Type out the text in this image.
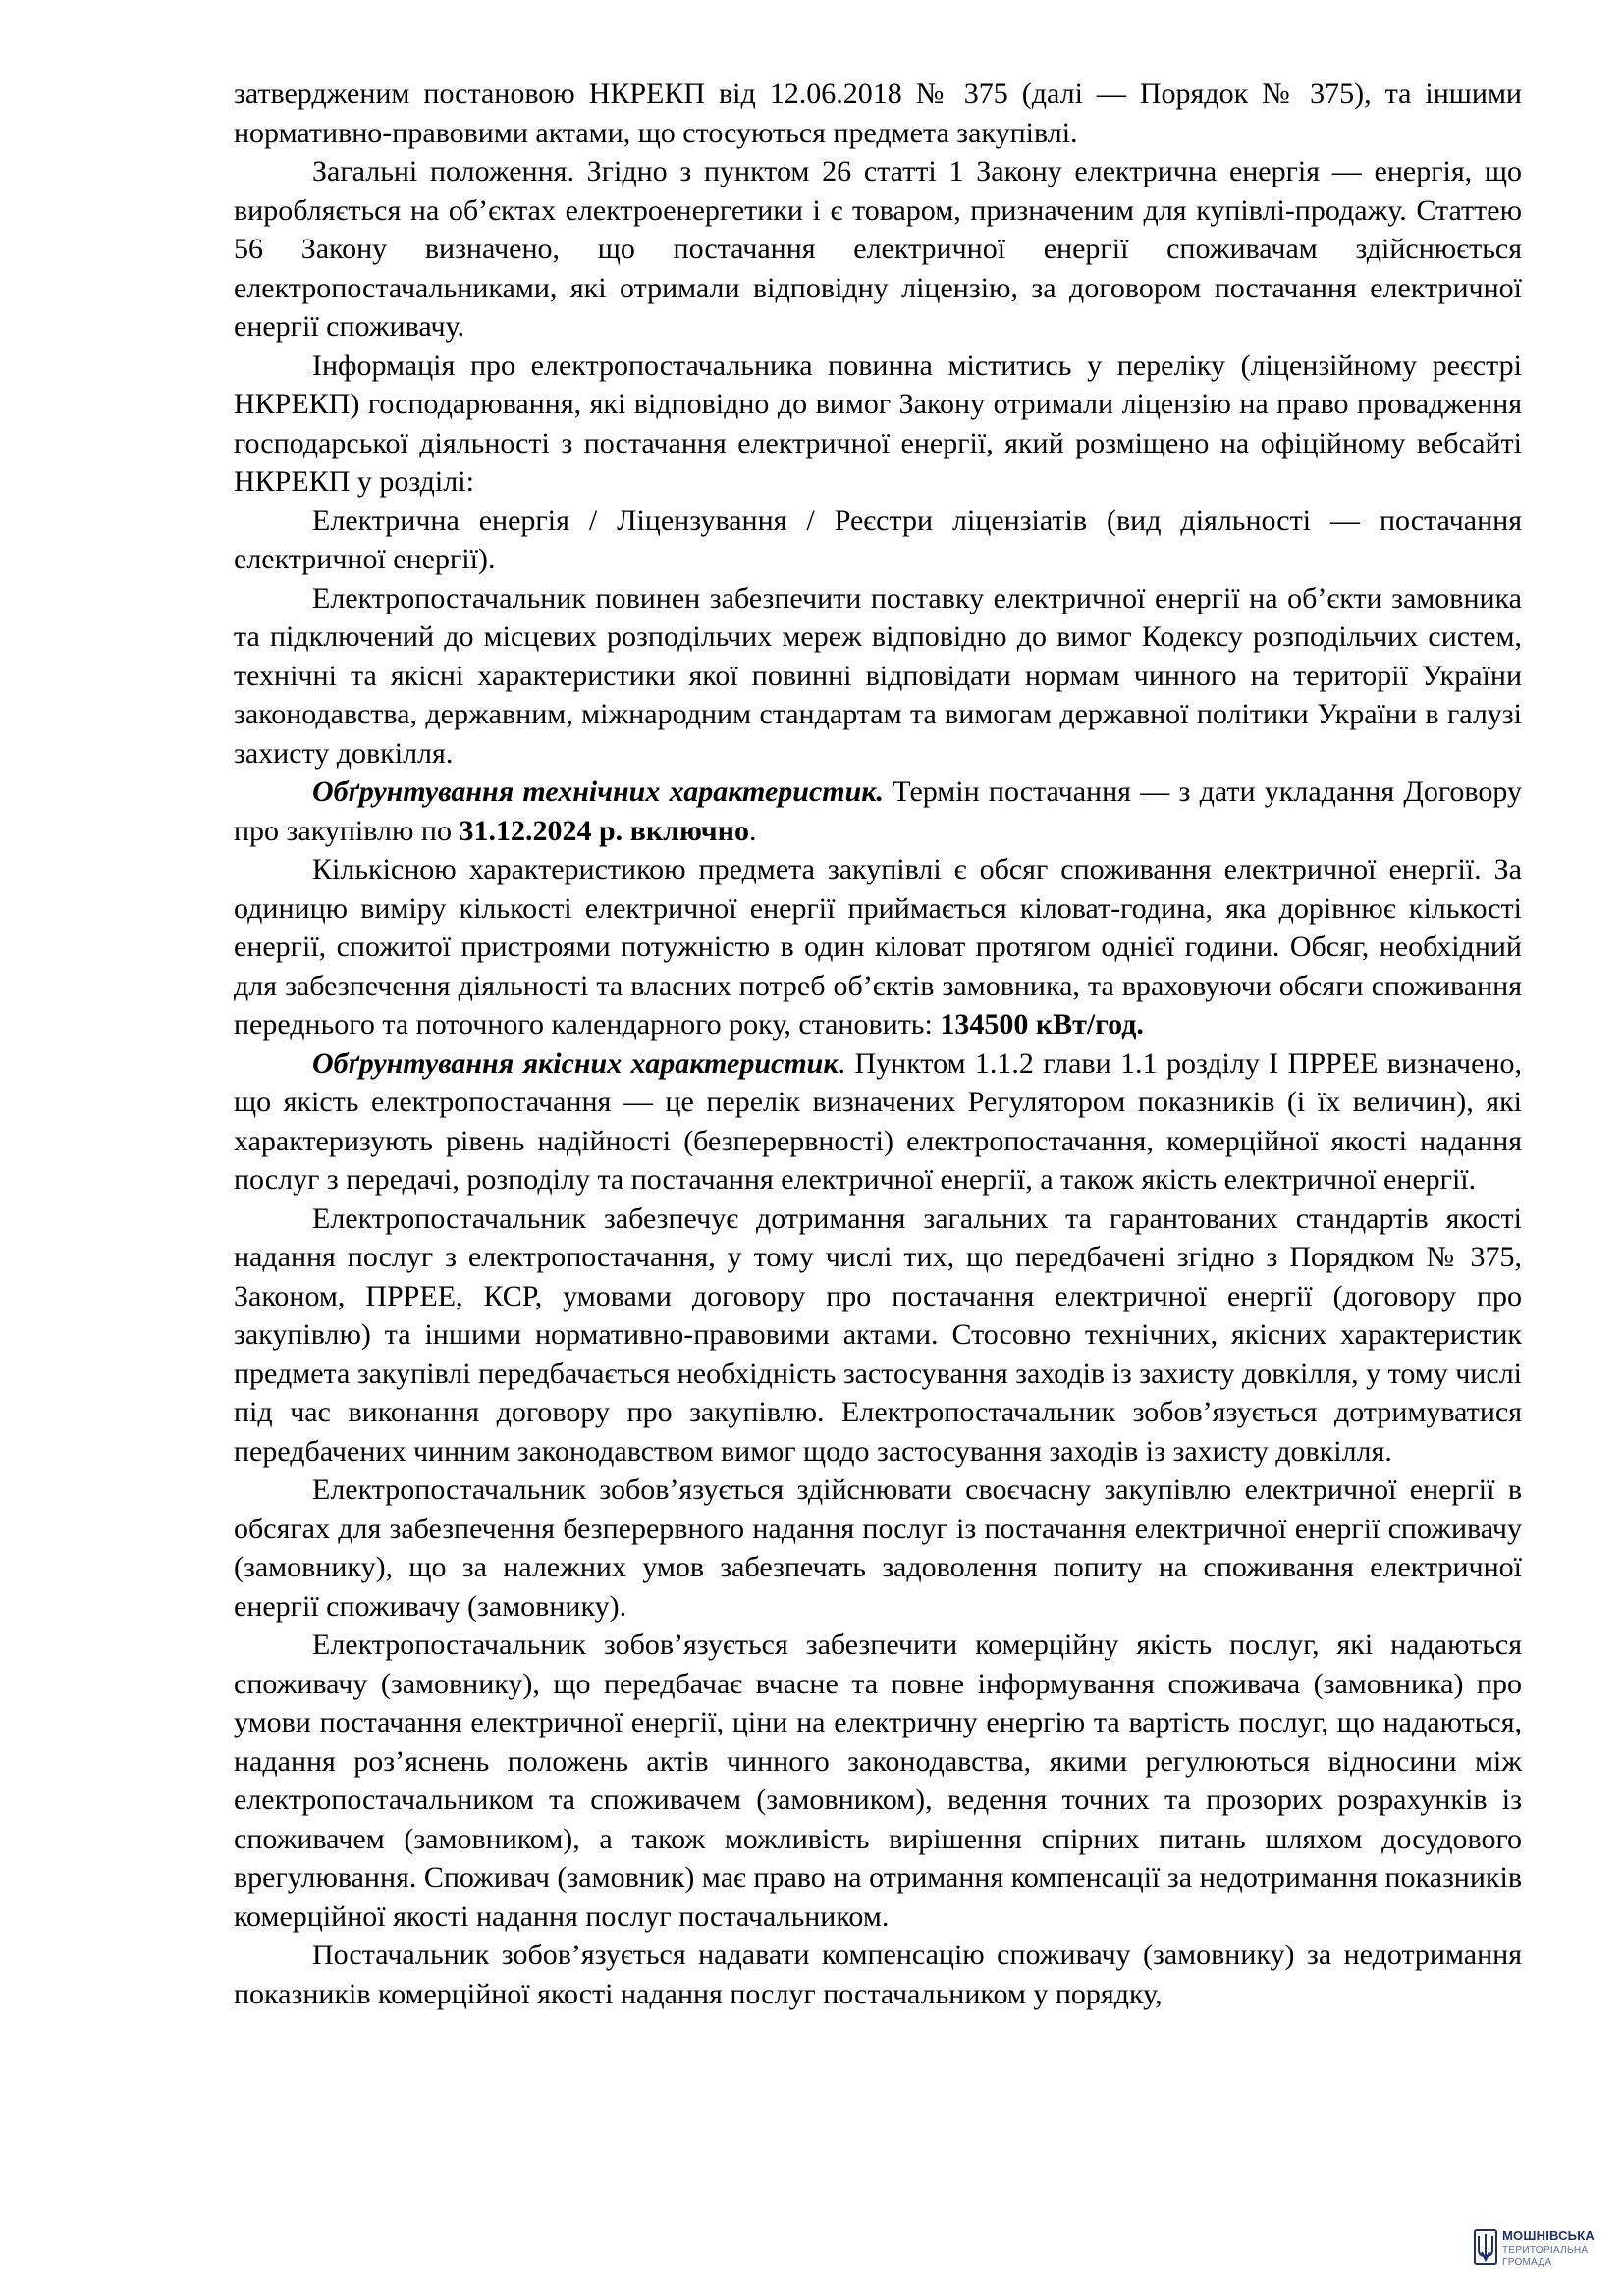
затвердженим постановою НКРЕКП від 12.06.2018 № 375 (далі — Порядок № 375), та іншими нормативно-правовими актами, що стосуються предмета закупівлі.

Загальні положення. Згідно з пунктом 26 статті 1 Закону електрична енергія — енергія, що виробляється на об’єктах електроенергетики і є товаром, призначеним для купівлі-продажу. Статтею 56 Закону визначено, що постачання електричної енергії споживачам здійснюється електропостачальниками, які отримали відповідну ліцензію, за договором постачання електричної енергії споживачу.

Інформація про електропостачальника повинна міститись у переліку (ліцензійному реєстрі НКРЕКП) господарювання, які відповідно до вимог Закону отримали ліцензію на право провадження господарської діяльності з постачання електричної енергії, який розміщено на офіційному вебсайті НКРЕКП у розділі:

Електрична енергія / Ліцензування / Реєстри ліцензіатів (вид діяльності — постачання електричної енергії).

Електропостачальник повинен забезпечити поставку електричної енергії на об’єкти замовника та підключений до місцевих розподільчих мереж відповідно до вимог Кодексу розподільчих систем, технічні та якісні характеристики якої повинні відповідати нормам чинного на території України законодавства, державним, міжнародним стандартам та вимогам державної політики України в галузі захисту довкілля.

Обґрунтування технічних характеристик. Термін постачання — з дати укладання Договору про закупівлю по 31.12.2024 р. включно.

Кількісною характеристикою предмета закупівлі є обсяг споживання електричної енергії. За одиницю виміру кількості електричної енергії приймається кіловат-година, яка дорівнює кількості енергії, спожитої пристроями потужністю в один кіловат протягом однієї години. Обсяг, необхідний для забезпечення діяльності та власних потреб об’єктів замовника, та враховуючи обсяги споживання переднього та поточного календарного року, становить: 134500 кВт/год.

Обґрунтування якісних характеристик. Пунктом 1.1.2 глави 1.1 розділу I ПРРЕЕ визначено, що якість електропостачання — це перелік визначених Регулятором показників (і їх величин), які характеризують рівень надійності (безперервності) електропостачання, комерційної якості надання послуг з передачі, розподілу та постачання електричної енергії, а також якість електричної енергії.

Електропостачальник забезпечує дотримання загальних та гарантованих стандартів якості надання послуг з електропостачання, у тому числі тих, що передбачені згідно з Порядком № 375, Законом, ПРРЕЕ, КСР, умовами договору про постачання електричної енергії (договору про закупівлю) та іншими нормативно-правовими актами. Стосовно технічних, якісних характеристик предмета закупівлі передбачається необхідність застосування заходів із захисту довкілля, у тому числі під час виконання договору про закупівлю. Електропостачальник зобов’язується дотримуватися передбачених чинним законодавством вимог щодо застосування заходів із захисту довкілля.

Електропостачальник зобов’язується здійснювати своєчасну закупівлю електричної енергії в обсягах для забезпечення безперервного надання послуг із постачання електричної енергії споживачу (замовнику), що за належних умов забезпечать задоволення попиту на споживання електричної енергії споживачу (замовнику).

Електропостачальник зобов’язується забезпечити комерційну якість послуг, які надаються споживачу (замовнику), що передбачає вчасне та повне інформування споживача (замовника) про умови постачання електричної енергії, ціни на електричну енергію та вартість послуг, що надаються, надання роз’яснень положень актів чинного законодавства, якими регулюються відносини між електропостачальником та споживачем (замовником), ведення точних та прозорих розрахунків із споживачем (замовником), а також можливість вирішення спірних питань шляхом досудового врегулювання. Споживач (замовник) має право на отримання компенсації за недотримання показників комерційної якості надання послуг постачальником.

Постачальник зобов’язується надавати компенсацію споживачу (замовнику) за недотримання показників комерційної якості надання послуг постачальником у порядку,

МОШНІВСЬКА
ТЕРИТОРІАЛЬНА
ГРОМАДА
